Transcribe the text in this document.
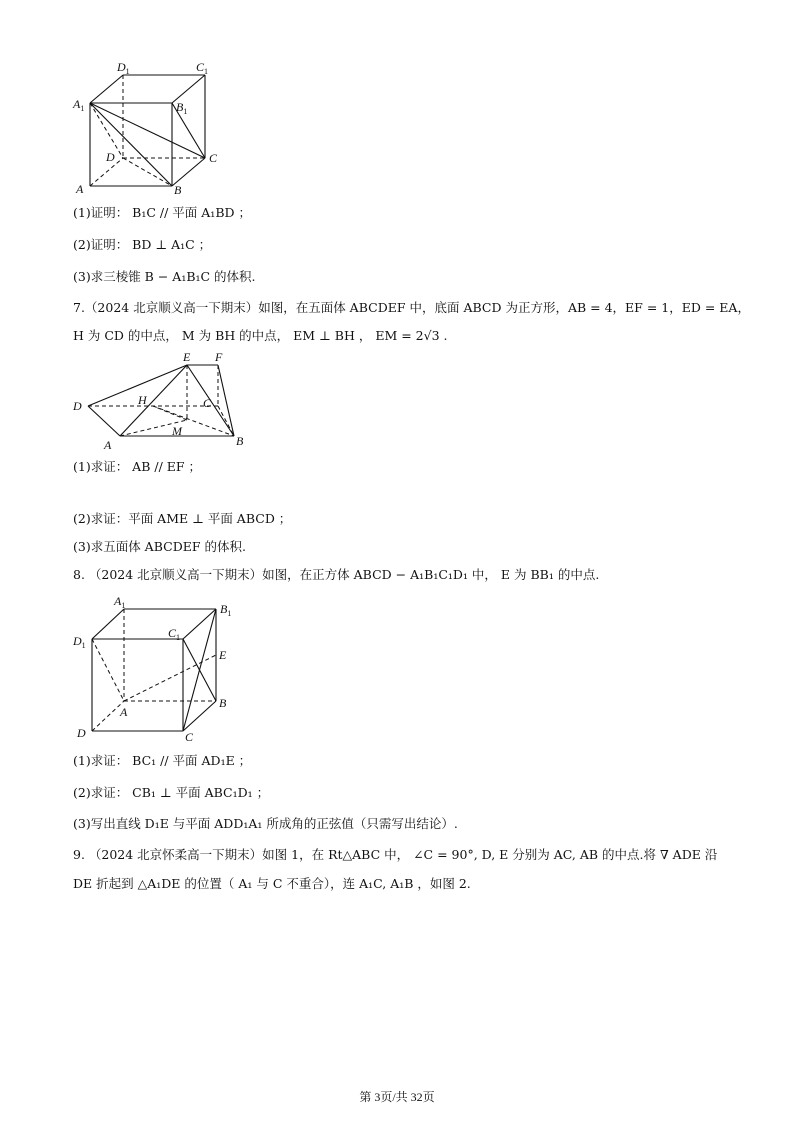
$D_1$	$C_1$
$A_1$	$B_1$
D	C
A	B
(1)证明： B₁C // 平面 A₁BD ；
(2)证明： BD ⊥ A₁C ；
(3)求三棱锥 B − A₁B₁C 的体积.
7.（2024 北京顺义高一下期末）如图，在五面体 ABCDEF 中，底面 ABCD 为正方形，AB = 4，EF = 1，ED = EA，
H 为 CD 的中点， M 为 BH 的中点， EM ⊥ BH ， EM = 2√3 .
E F
D	H	C
M
A	B
(1)求证： AB // EF ；
(2)求证：平面 AME ⊥ 平面 ABCD ；
(3)求五面体 ABCDEF 的体积.
8. （2024 北京顺义高一下期末）如图，在正方体 ABCD − A₁B₁C₁D₁ 中， E 为 BB₁ 的中点.
$A_1$	$B_1$
$D_1$
$C_1$
E
A
B
D	C
(1)求证： BC₁ // 平面 AD₁E ；
(2)求证： CB₁ ⊥ 平面 ABC₁D₁ ；
(3)写出直线 D₁E 与平面 ADD₁A₁ 所成角的正弦值（只需写出结论）.
9. （2024 北京怀柔高一下期末）如图 1，在 Rt△ABC 中， ∠C = 90°, D, E 分别为 AC, AB 的中点.将 ∇ ADE 沿
DE 折起到 △A₁DE 的位置（ A₁ 与 C 不重合），连 A₁C, A₁B ，如图 2.
第 3页/共 32页
